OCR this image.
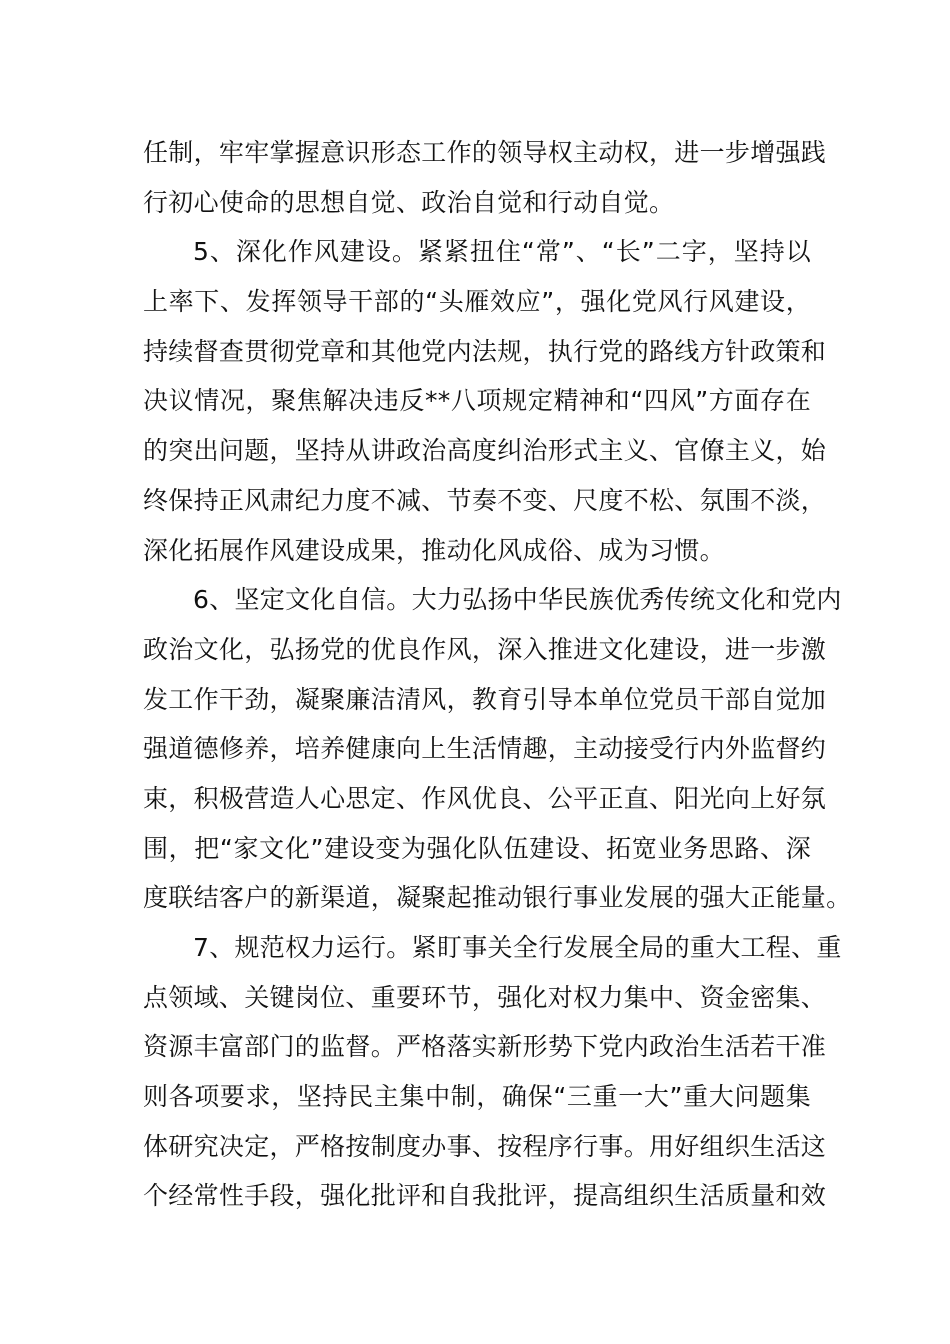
任制，牢牢掌握意识形态工作的领导权主动权，进一步增强践
行初心使命的思想自觉、政治自觉和行动自觉。
5、深化作风建设。紧紧扭住“常”、“长”二字，坚持以
上率下、发挥领导干部的“头雁效应”，强化党风行风建设，
持续督查贯彻党章和其他党内法规，执行党的路线方针政策和
决议情况，聚焦解决违反**八项规定精神和“四风”方面存在
的突出问题，坚持从讲政治高度纠治形式主义、官僚主义，始
终保持正风肃纪力度不减、节奏不变、尺度不松、氛围不淡，
深化拓展作风建设成果，推动化风成俗、成为习惯。
6、坚定文化自信。大力弘扬中华民族优秀传统文化和党内
政治文化，弘扬党的优良作风，深入推进文化建设，进一步激
发工作干劲，凝聚廉洁清风，教育引导本单位党员干部自觉加
强道德修养，培养健康向上生活情趣，主动接受行内外监督约
束，积极营造人心思定、作风优良、公平正直、阳光向上好氛
围，把“家文化”建设变为强化队伍建设、拓宽业务思路、深
度联结客户的新渠道，凝聚起推动银行事业发展的强大正能量。
7、规范权力运行。紧盯事关全行发展全局的重大工程、重
点领域、关键岗位、重要环节，强化对权力集中、资金密集、
资源丰富部门的监督。严格落实新形势下党内政治生活若干准
则各项要求，坚持民主集中制，确保“三重一大”重大问题集
体研究决定，严格按制度办事、按程序行事。用好组织生活这
个经常性手段，强化批评和自我批评，提高组织生活质量和效
